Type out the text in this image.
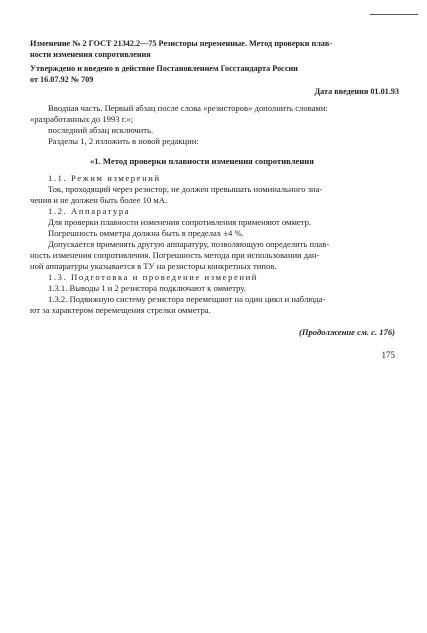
Изменение № 2 ГОСТ 21342.2—75 Резисторы переменные. Метод проверки плав-
ности изменения сопротивления
Утверждено и введено в действие Постановлением Госстандарта России
от 16.07.92 № 709
Дата введения 01.01.93
Вводная часть. Первый абзац после слова «резисторов» дополнить словами:
«разработанных до 1993 г.»;
последний абзац исключить.
Разделы 1, 2 изложить в новой редакции:
«1. Метод проверки плавности изменения сопротивления
1.1. Режим измерений
Ток, проходящий через резистор, не должен превышать номинального зна-
чения и не должен быть более 10 мА.
1.2. Аппаратура
Для проверки плавности изменения сопротивления применяют омметр.
Погрешность омметра должна быть в пределах ±4 %.
Допускается применять другую аппаратуру, позволяющую определить плав-
ность изменения сопротивления. Погрешность метода при использовании дан-
ной аппаратуры указывается в ТУ на резисторы конкретных типов.
1.3. Подготовка и проведение измерений
1.3.1. Выводы 1 и 2 резистора подключают к омметру.
1.3.2. Подвижную систему резистора перемещают на один цикл и наблюда-
ют за характером перемещения стрелки омметра.
(Продолжение см. с. 176)
175
